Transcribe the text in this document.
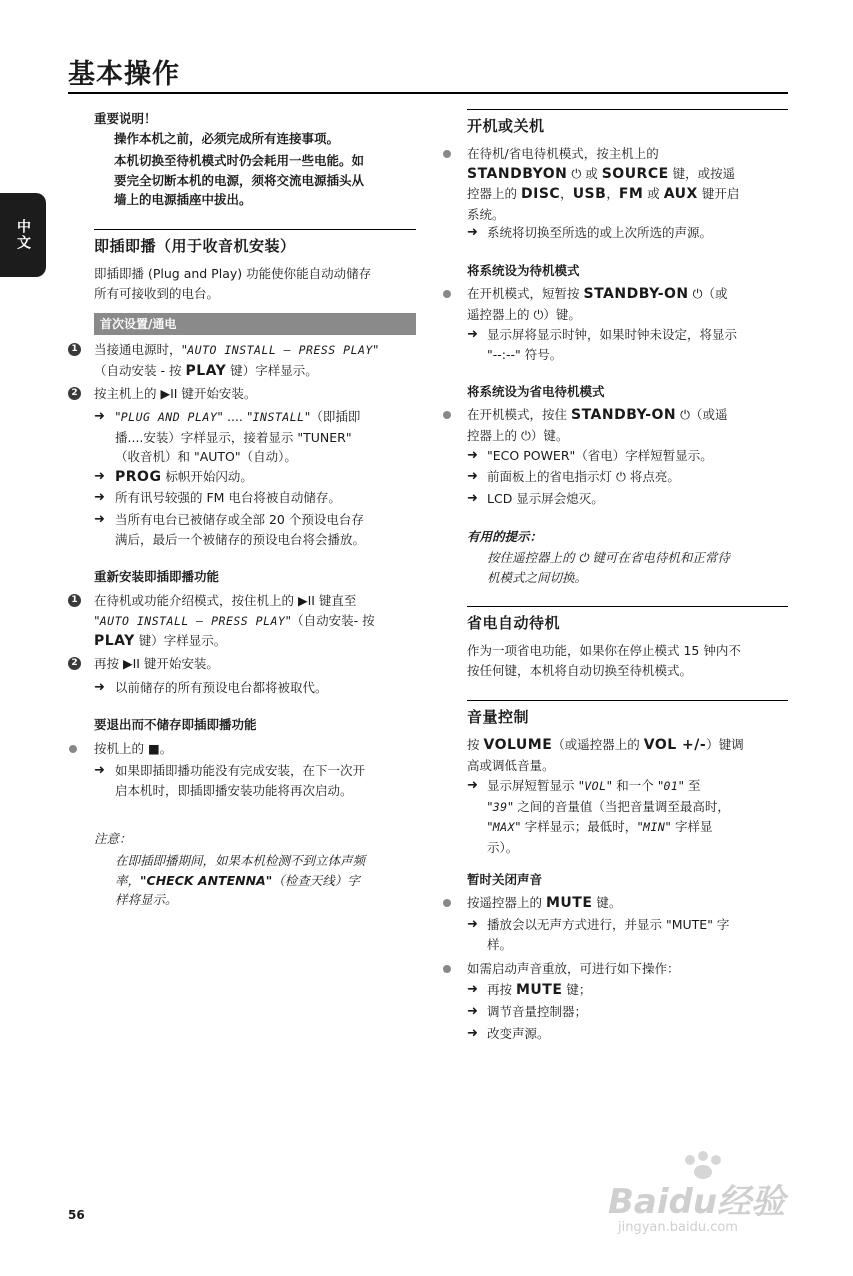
基本操作
中文
重要说明！
操作本机之前，必须完成所有连接事项。
本机切换至待机模式时仍会耗用一些电能。如
要完全切断本机的电源，须将交流电源插头从
墙上的电源插座中拔出。
即插即播（用于收音机安装）
即插即播 (Plug and Play) 功能使你能自动动储存
所有可接收到的电台。
首次设置/通电
1 当接通电源时，"AUTO INSTALL – PRESS PLAY"
（自动安装 - 按 PLAY 键）字样显示。
2 按主机上的 ▶II 键开始安装。
➜ "PLUG AND PLAY" .... "INSTALL"（即插即
播....安装）字样显示，接着显示 "TUNER"
（收音机）和 "AUTO"（自动）。
➜ PROG 标帜开始闪动。
➜ 所有讯号较强的 FM 电台将被自动储存。
➜ 当所有电台已被储存或全部 20 个预设电台存
满后，最后一个被储存的预设电台将会播放。
重新安装即插即播功能
1 在待机或功能介绍模式，按住机上的 ▶II 键直至
"AUTO INSTALL – PRESS PLAY"（自动安装- 按
PLAY 键）字样显示。
2 再按 ▶II 键开始安装。
➜ 以前储存的所有预设电台都将被取代。
要退出而不储存即插即播功能
按机上的 ■。
➜ 如果即插即播功能没有完成安装，在下一次开
启本机时，即插即播安装功能将再次启动。
注意：
在即插即播期间，如果本机检测不到立体声频
率，"CHECK ANTENNA"（检查天线）字
样将显示。
开机或关机
在待机/省电待机模式，按主机上的
STANDBYON ⏻ 或 SOURCE 键，或按遥
控器上的 DISC，USB，FM 或 AUX 键开启
系统。
➜ 系统将切换至所选的或上次所选的声源。
将系统设为待机模式
在开机模式，短暂按 STANDBY-ON ⏻（或
遥控器上的 ⏻）键。
➜ 显示屏将显示时钟，如果时钟未设定，将显示
"--:--" 符号。
将系统设为省电待机模式
在开机模式，按住 STANDBY-ON ⏻（或遥
控器上的 ⏻）键。
➜ "ECO POWER"（省电）字样短暂显示。
➜ 前面板上的省电指示灯 ⏻ 将点亮。
➜ LCD 显示屏会熄灭。
有用的提示：
按住遥控器上的 ⏻ 键可在省电待机和正常待
机模式之间切换。
省电自动待机
作为一项省电功能，如果你在停止模式 15 钟内不
按任何键，本机将自动切换至待机模式。
音量控制
按 VOLUME（或遥控器上的 VOL +/-）键调
高或调低音量。
➜ 显示屏短暂显示 "VOL" 和一个 "01" 至
"39" 之间的音量值（当把音量调至最高时，
"MAX" 字样显示；最低时，"MIN" 字样显
示）。
暂时关闭声音
按遥控器上的 MUTE 键。
➜ 播放会以无声方式进行，并显示 "MUTE" 字
样。
如需启动声音重放，可进行如下操作：
➜ 再按 MUTE 键；
➜ 调节音量控制器；
➜ 改变声源。
56	Baidu经验
jingyan.baidu.com
